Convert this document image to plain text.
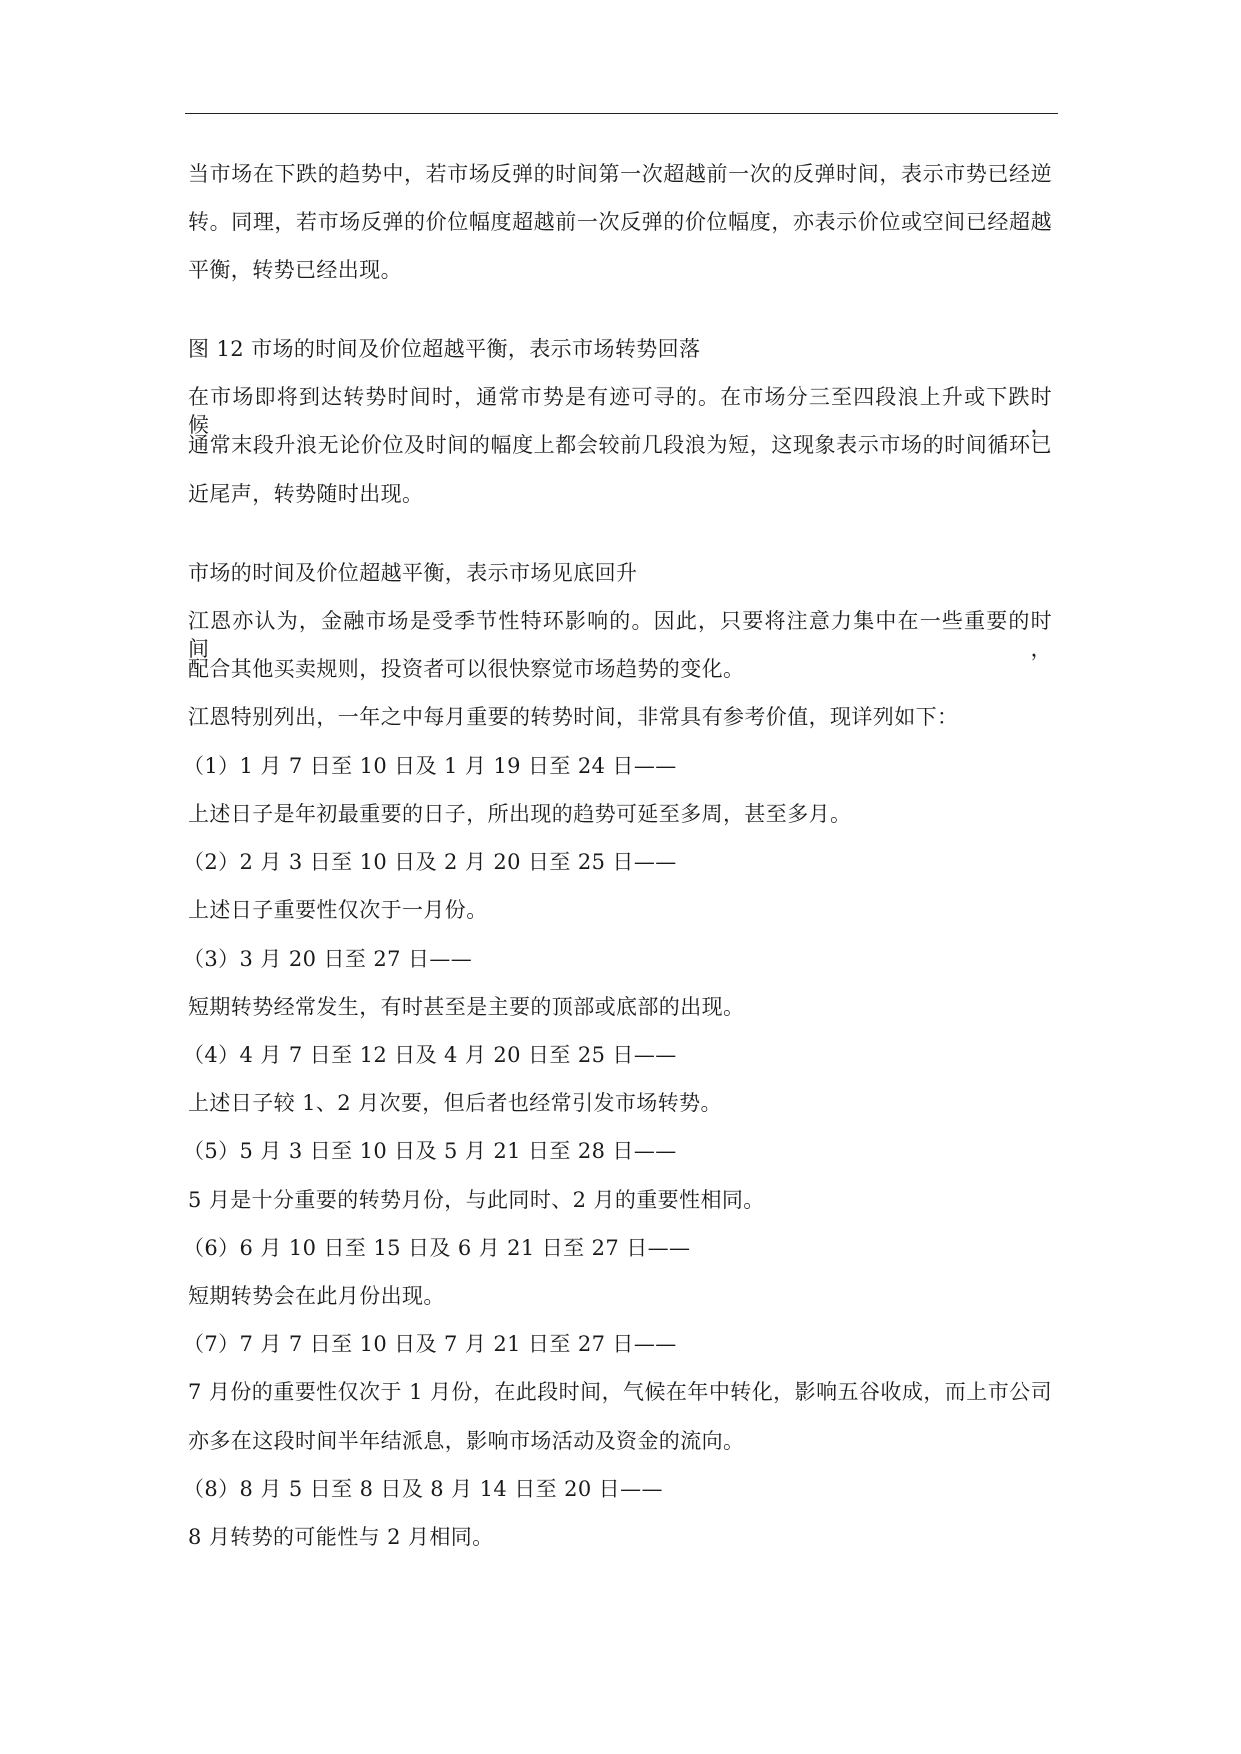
当市场在下跌的趋势中，若市场反弹的时间第一次超越前一次的反弹时间，表示市势已经逆
转。同理，若市场反弹的价位幅度超越前一次反弹的价位幅度，亦表示价位或空间已经超越
平衡，转势已经出现。
图 12 市场的时间及价位超越平衡，表示市场转势回落
在市场即将到达转势时间时，通常市势是有迹可寻的。在市场分三至四段浪上升或下跌时候，
通常末段升浪无论价位及时间的幅度上都会较前几段浪为短，这现象表示市场的时间循环已
近尾声，转势随时出现。
市场的时间及价位超越平衡，表示市场见底回升
江恩亦认为，金融市场是受季节性特环影响的。因此，只要将注意力集中在一些重要的时间，
配合其他买卖规则，投资者可以很快察觉市场趋势的变化。
江恩特别列出，一年之中每月重要的转势时间，非常具有参考价值，现详列如下：
（1）1 月 7 日至 10 日及 1 月 19 日至 24 日——
上述日子是年初最重要的日子，所出现的趋势可延至多周，甚至多月。
（2）2 月 3 日至 10 日及 2 月 20 日至 25 日——
上述日子重要性仅次于一月份。
（3）3 月 20 日至 27 日——
短期转势经常发生，有时甚至是主要的顶部或底部的出现。
（4）4 月 7 日至 12 日及 4 月 20 日至 25 日——
上述日子较 1、2 月次要，但后者也经常引发市场转势。
（5）5 月 3 日至 10 日及 5 月 21 日至 28 日——
5 月是十分重要的转势月份，与此同时、2 月的重要性相同。
（6）6 月 10 日至 15 日及 6 月 21 日至 27 日——
短期转势会在此月份出现。
（7）7 月 7 日至 10 日及 7 月 21 日至 27 日——
7 月份的重要性仅次于 1 月份，在此段时间，气候在年中转化，影响五谷收成，而上市公司
亦多在这段时间半年结派息，影响市场活动及资金的流向。
（8）8 月 5 日至 8 日及 8 月 14 日至 20 日——
8 月转势的可能性与 2 月相同。
